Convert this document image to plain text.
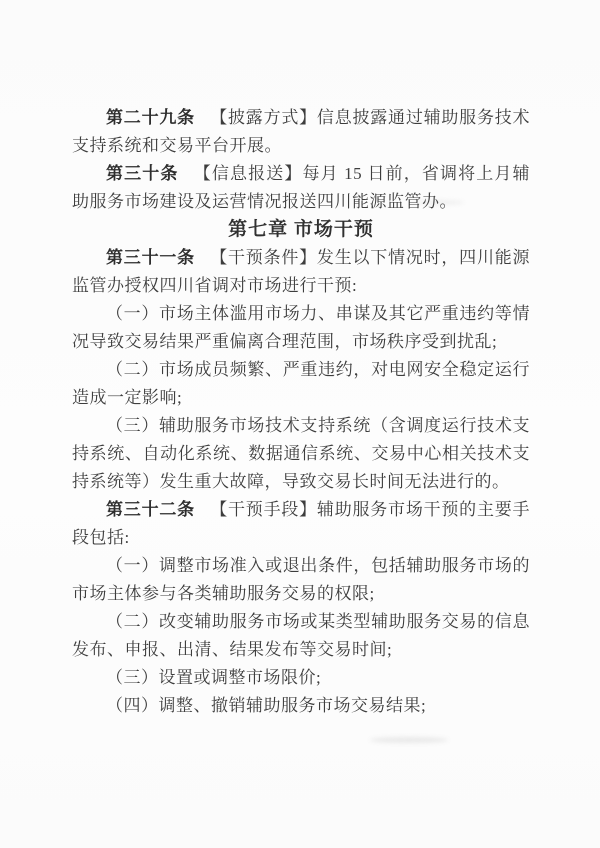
第二十九条 【披露方式】信息披露通过辅助服务技术支持系统和交易平台开展。

第三十条 【信息报送】每月 15 日前，省调将上月辅助服务市场建设及运营情况报送四川能源监管办。

第七章 市场干预

第三十一条 【干预条件】发生以下情况时，四川能源监管办授权四川省调对市场进行干预:

（一）市场主体滥用市场力、串谋及其它严重违约等情况导致交易结果严重偏离合理范围，市场秩序受到扰乱;

（二）市场成员频繁、严重违约，对电网安全稳定运行造成一定影响;

（三）辅助服务市场技术支持系统（含调度运行技术支持系统、自动化系统、数据通信系统、交易中心相关技术支持系统等）发生重大故障，导致交易长时间无法进行的。

第三十二条 【干预手段】辅助服务市场干预的主要手段包括:

（一）调整市场准入或退出条件，包括辅助服务市场的市场主体参与各类辅助服务交易的权限;

（二）改变辅助服务市场或某类型辅助服务交易的信息发布、申报、出清、结果发布等交易时间;

（三）设置或调整市场限价;

（四）调整、撤销辅助服务市场交易结果;
